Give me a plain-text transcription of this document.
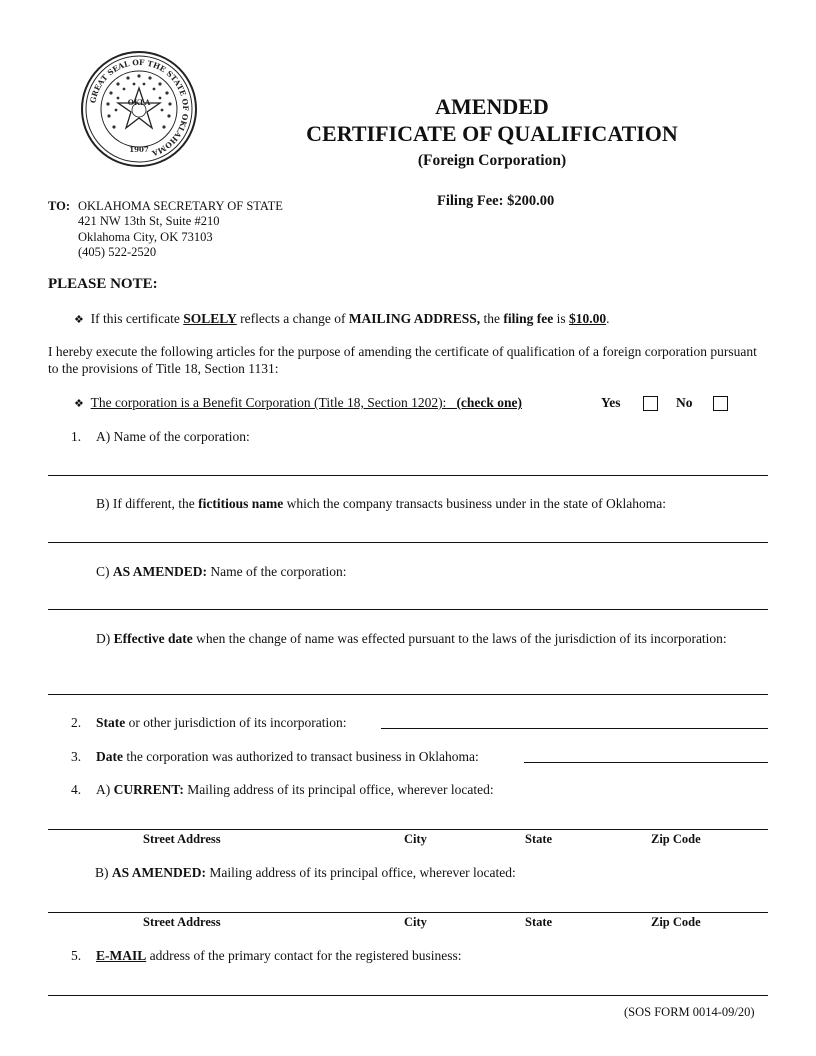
GREAT SEAL OF THE STATE OF OKLAHOMA
OKLA
1907
AMENDED
CERTIFICATE OF QUALIFICATION
(Foreign Corporation)
Filing Fee: $200.00
TO: OKLAHOMA SECRETARY OF STATE
421 NW 13th St, Suite #210
Oklahoma City, OK 73103
(405) 522-2520
PLEASE NOTE:
❖ If this certificate SOLELY reflects a change of MAILING ADDRESS, the filing fee is $10.00.
I hereby execute the following articles for the purpose of amending the certificate of qualification of a foreign corporation pursuant to the provisions of Title 18, Section 1131:
❖ The corporation is a Benefit Corporation (Title 18, Section 1202): (check one)	Yes	No
1. A) Name of the corporation:
B) If different, the fictitious name which the company transacts business under in the state of Oklahoma:
C) AS AMENDED: Name of the corporation:
D) Effective date when the change of name was effected pursuant to the laws of the jurisdiction of its incorporation:
2. State or other jurisdiction of its incorporation:
3. Date the corporation was authorized to transact business in Oklahoma:
4. A) CURRENT: Mailing address of its principal office, wherever located:
Street Address	City	State	Zip Code
B) AS AMENDED: Mailing address of its principal office, wherever located:
Street Address	City	State	Zip Code
5. E-MAIL address of the primary contact for the registered business:
(SOS FORM 0014-09/20)
